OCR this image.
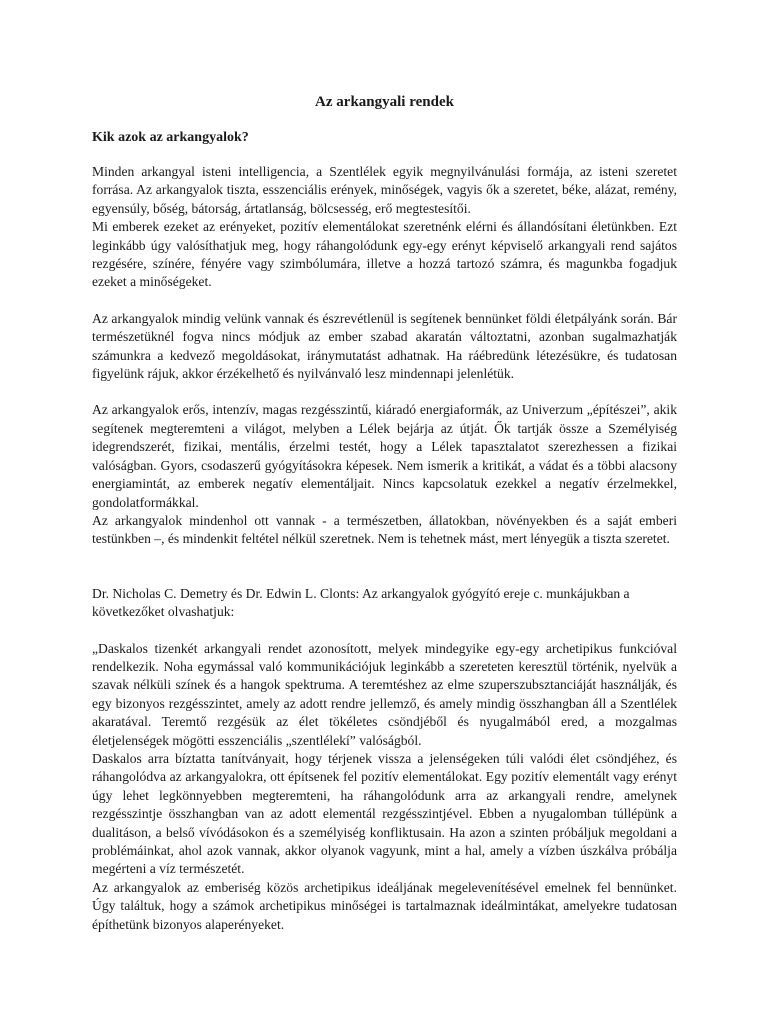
Az arkangyali rendek
Kik azok az arkangyalok?

Minden arkangyal isteni intelligencia, a Szentlélek egyik megnyilvánulási formája, az isteni szeretet forrása. Az arkangyalok tiszta, esszenciális erények, minőségek, vagyis ők a szeretet, béke, alázat, remény, egyensúly, bőség, bátorság, ártatlanság, bölcsesség, erő megtestesítői.

Mi emberek ezeket az erényeket, pozitív elementálokat szeretnénk elérni és állandósítani életünkben. Ezt leginkább úgy valósíthatjuk meg, hogy ráhangolódunk egy-egy erényt képviselő arkangyali rend sajátos rezgésére, színére, fényére vagy szimbólumára, illetve a hozzá tartozó számra, és magunkba fogadjuk ezeket a minőségeket.

Az arkangyalok mindig velünk vannak és észrevétlenül is segítenek bennünket földi életpályánk során. Bár természetüknél fogva nincs módjuk az ember szabad akaratán változtatni, azonban sugalmazhatják számunkra a kedvező megoldásokat, iránymutatást adhatnak. Ha ráébredünk létezésükre, és tudatosan figyelünk rájuk, akkor érzékelhető és nyilvánvaló lesz mindennapi jelenlétük.

Az arkangyalok erős, intenzív, magas rezgésszintű, kiáradó energiaformák, az Univerzum „építészei”, akik segítenek megteremteni a világot, melyben a Lélek bejárja az útját. Ők tartják össze a Személyiség idegrendszerét, fizikai, mentális, érzelmi testét, hogy a Lélek tapasztalatot szerezhessen a fizikai valóságban. Gyors, csodaszerű gyógyításokra képesek. Nem ismerik a kritikát, a vádat és a többi alacsony energiamintát, az emberek negatív elementáljait. Nincs kapcsolatuk ezekkel a negatív érzelmekkel, gondolatformákkal.

Az arkangyalok mindenhol ott vannak - a természetben, állatokban, növényekben és a saját emberi testünkben –, és mindenkit feltétel nélkül szeretnek. Nem is tehetnek mást, mert lényegük a tiszta szeretet.

Dr. Nicholas C. Demetry és Dr. Edwin L. Clonts: Az arkangyalok gyógyító ereje c. munkájukban a következőket olvashatjuk:

„Daskalos tizenkét arkangyali rendet azonosított, melyek mindegyike egy-egy archetipikus funkcióval rendelkezik. Noha egymással való kommunikációjuk leginkább a szereteten keresztül történik, nyelvük a szavak nélküli színek és a hangok spektruma. A teremtéshez az elme szuperszubsztanciáját használják, és egy bizonyos rezgésszintet, amely az adott rendre jellemző, és amely mindig összhangban áll a Szentlélek akaratával. Teremtő rezgésük az élet tökéletes csöndjéből és nyugalmából ered, a mozgalmas életjelenségek mögötti esszenciális „szentlélekí” valóságból.

Daskalos arra bíztatta tanítványait, hogy térjenek vissza a jelenségeken túli valódi élet csöndjéhez, és ráhangolódva az arkangyalokra, ott építsenek fel pozitív elementálokat. Egy pozitív elementált vagy erényt úgy lehet legkönnyebben megteremteni, ha ráhangolódunk arra az arkangyali rendre, amelynek rezgésszintje összhangban van az adott elementál rezgésszintjével. Ebben a nyugalomban túllépünk a dualitáson, a belső vívódásokon és a személyiség konfliktusain. Ha azon a szinten próbáljuk megoldani a problémáinkat, ahol azok vannak, akkor olyanok vagyunk, mint a hal, amely a vízben úszkálva próbálja megérteni a víz természetét.

Az arkangyalok az emberiség közös archetipikus ideáljának megelevenítésével emelnek fel bennünket. Úgy találtuk, hogy a számok archetipikus minőségei is tartalmaznak ideálmintákat, amelyekre tudatosan építhetünk bizonyos alaperényeket.
